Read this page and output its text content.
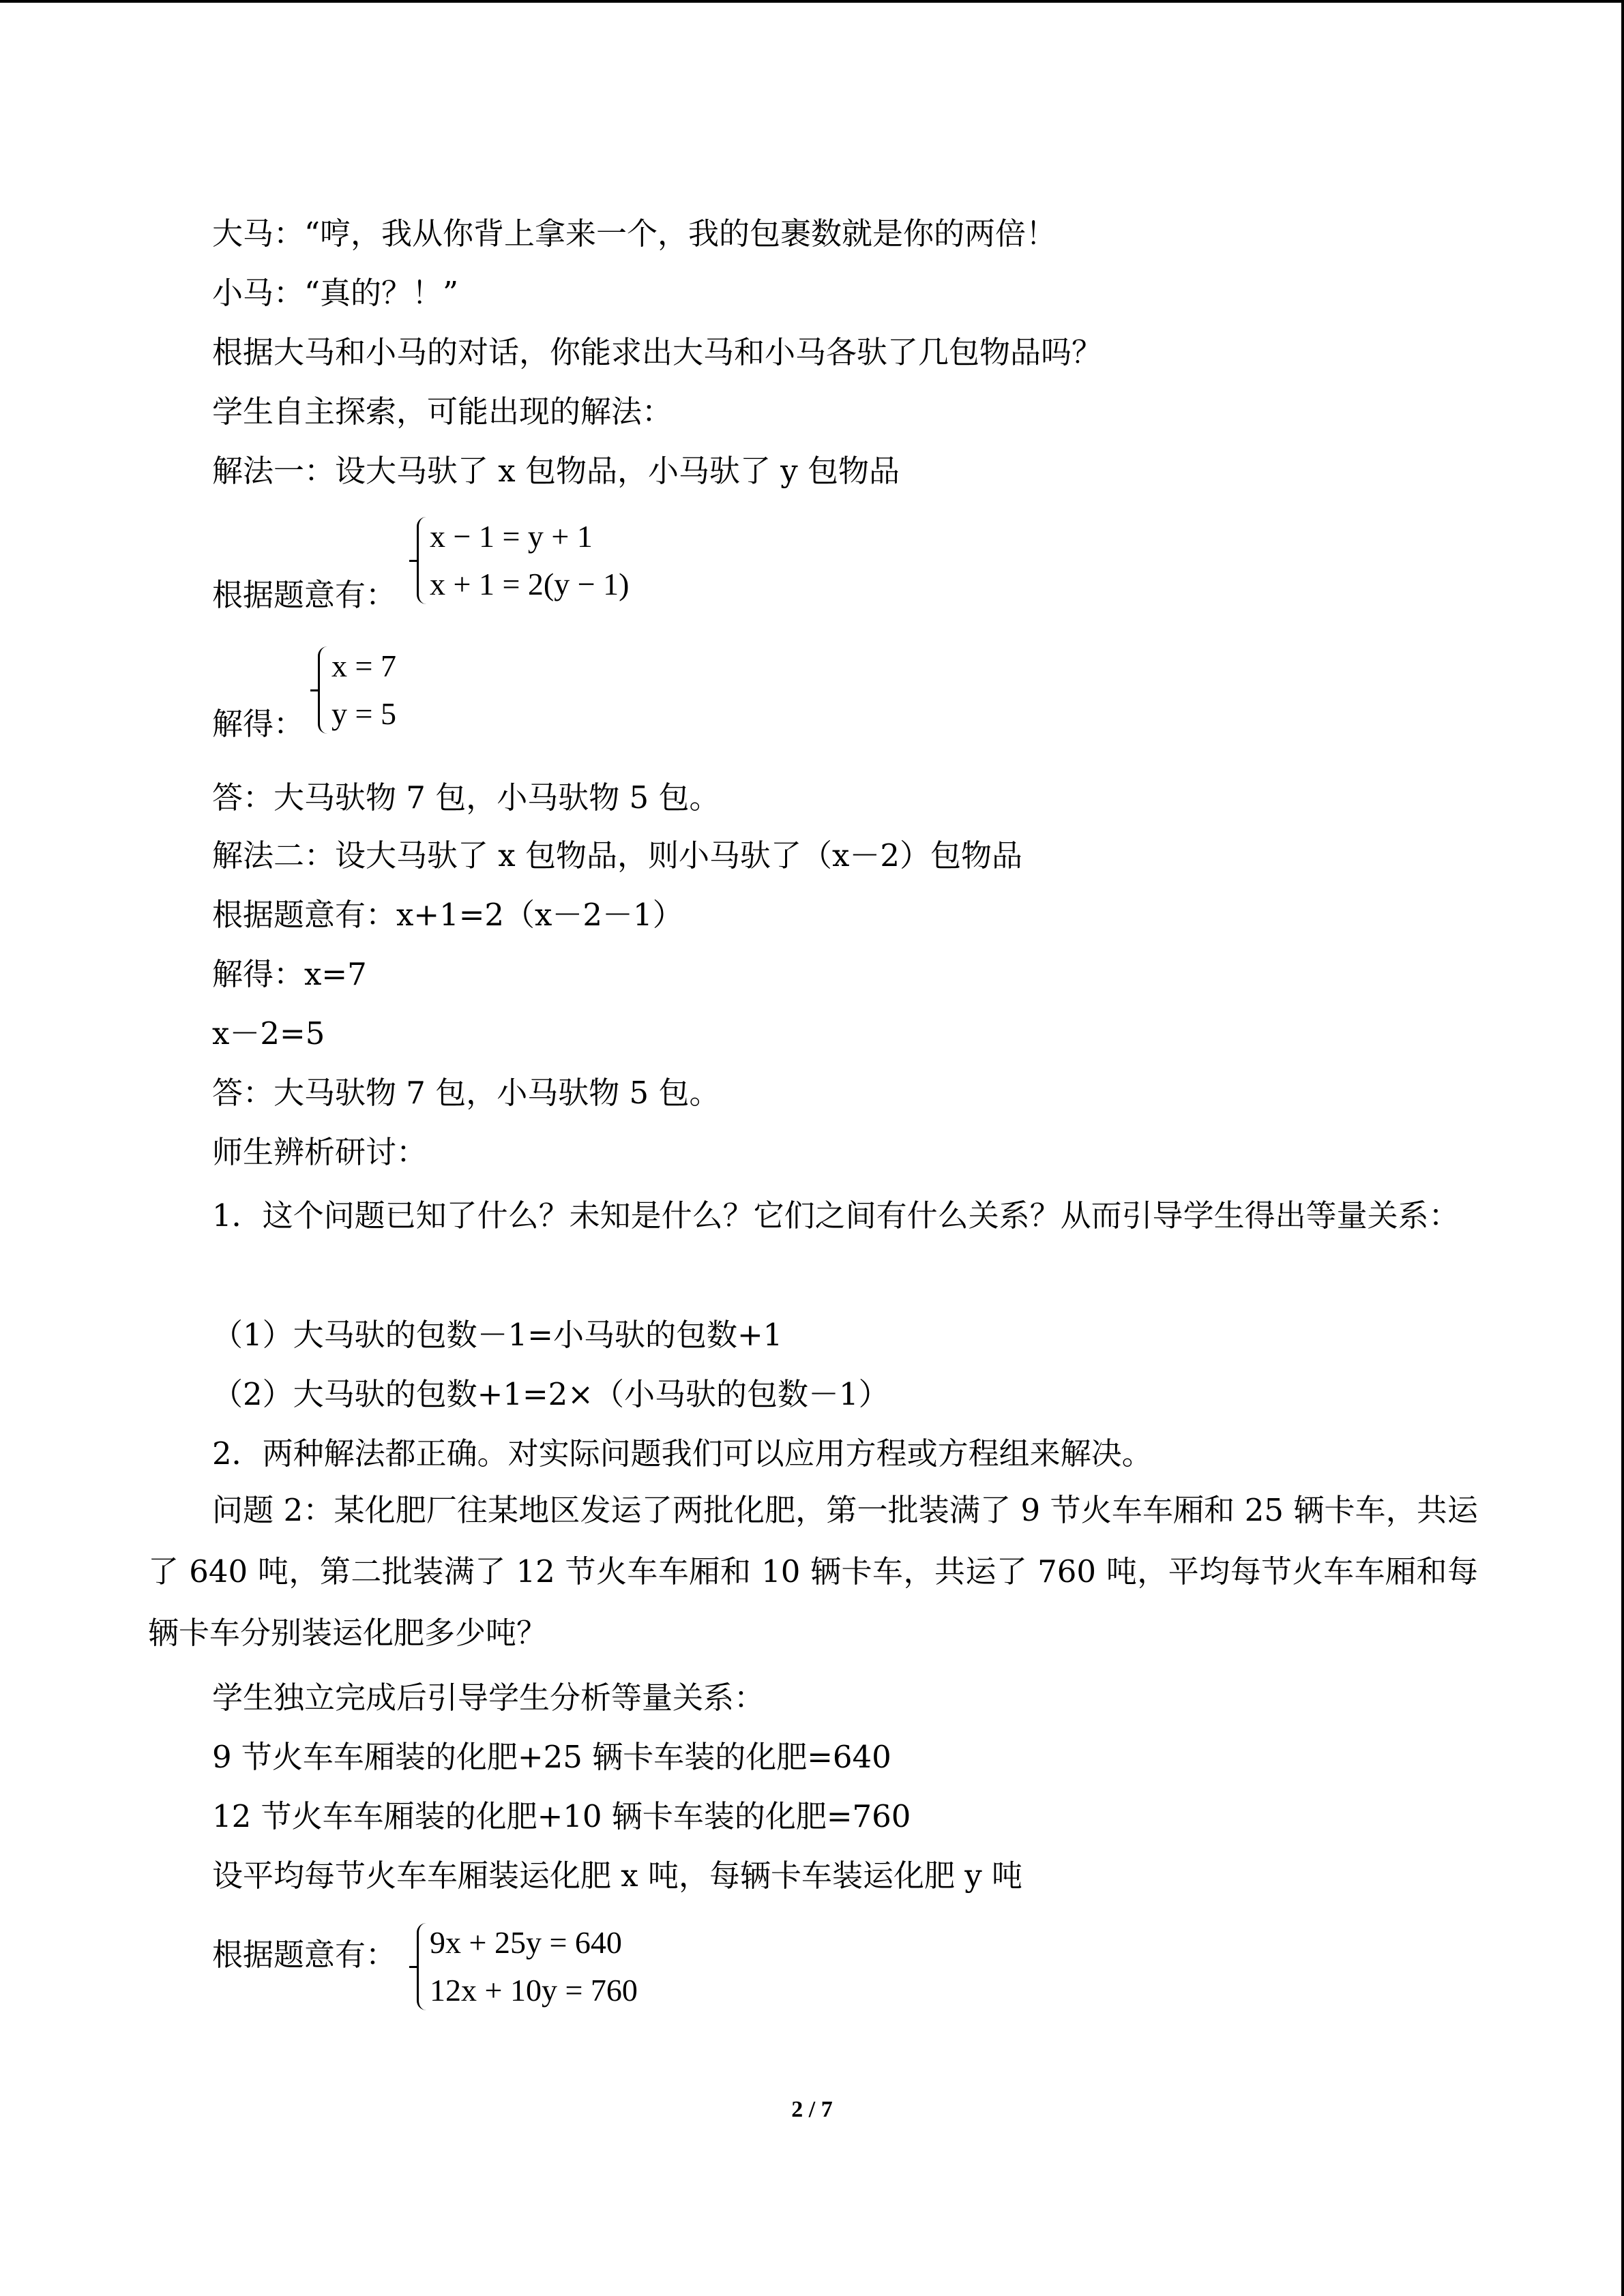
大马：“哼，我从你背上拿来一个，我的包裹数就是你的两倍！
小马：“真的？！”
根据大马和小马的对话，你能求出大马和小马各驮了几包物品吗？
学生自主探索，可能出现的解法：
解法一：设大马驮了 x 包物品，小马驮了 y 包物品
根据题意有：
x − 1 = y + 1
x + 1 = 2(y − 1)
解得：
x = 7
y = 5
答：大马驮物 7 包，小马驮物 5 包。
解法二：设大马驮了 x 包物品，则小马驮了（x－2）包物品
根据题意有：x+1=2（x－2－1）
解得：x=7
x－2=5
答：大马驮物 7 包，小马驮物 5 包。
师生辨析研讨：
1．这个问题已知了什么？未知是什么？它们之间有什么关系？从而引导学生得出等量关系：
（1）大马驮的包数－1=小马驮的包数+1
（2）大马驮的包数+1=2×（小马驮的包数－1）
2．两种解法都正确。对实际问题我们可以应用方程或方程组来解决。
问题 2：某化肥厂往某地区发运了两批化肥，第一批装满了 9 节火车车厢和 25 辆卡车，共运了 640 吨，第二批装满了 12 节火车车厢和 10 辆卡车，共运了 760 吨，平均每节火车车厢和每辆卡车分别装运化肥多少吨？
学生独立完成后引导学生分析等量关系：
9 节火车车厢装的化肥+25 辆卡车装的化肥=640
12 节火车车厢装的化肥+10 辆卡车装的化肥=760
设平均每节火车车厢装运化肥 x 吨，每辆卡车装运化肥 y 吨
根据题意有： 9x + 25y = 640
12x + 10y = 760
2 / 7
